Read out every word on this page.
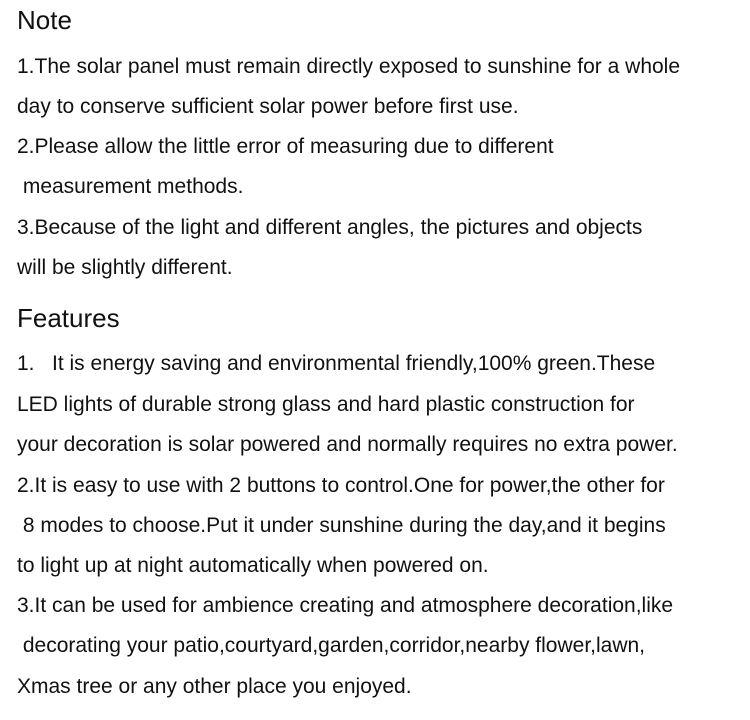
Note

1.The solar panel must remain directly exposed to sunshine for a whole

day to conserve sufficient solar power before first use.

2.Please allow the little error of measuring due to different

measurement methods.

3.Because of the light and different angles, the pictures and objects

will be slightly different.

Features

1.   It is energy saving and environmental friendly,100% green.These

LED lights of durable strong glass and hard plastic construction for

your decoration is solar powered and normally requires no extra power.

2.It is easy to use with 2 buttons to control.One for power,the other for

8 modes to choose.Put it under sunshine during the day,and it begins

to light up at night automatically when powered on.

3.It can be used for ambience creating and atmosphere decoration,like

decorating your patio,courtyard,garden,corridor,nearby flower,lawn,

Xmas tree or any other place you enjoyed.
